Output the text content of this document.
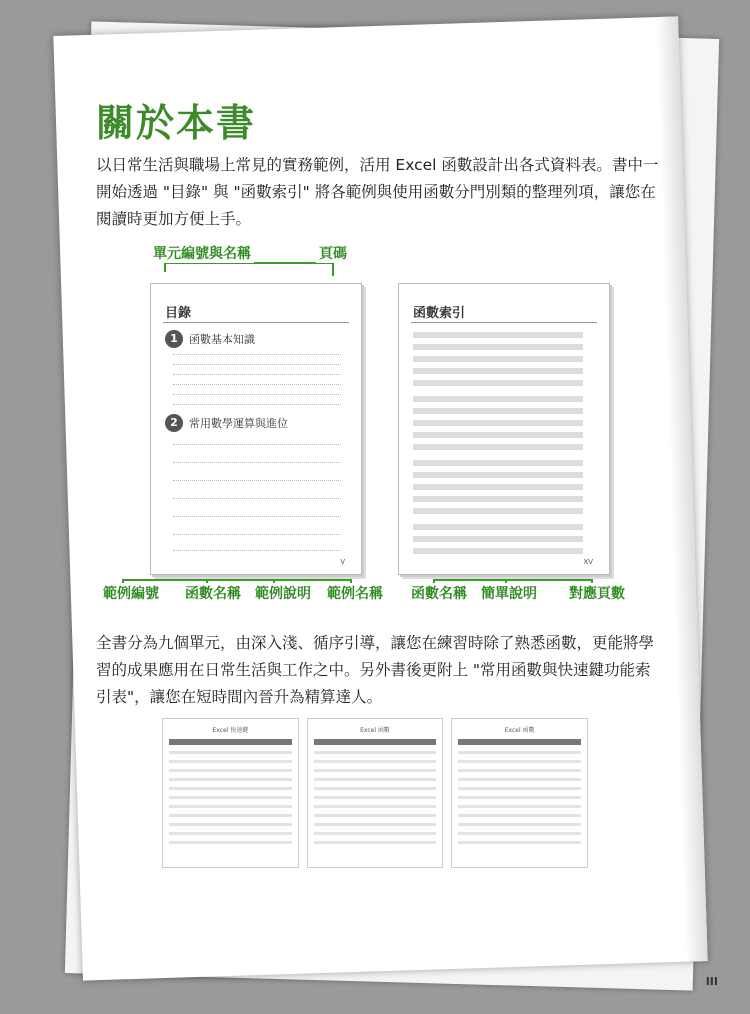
關於本書
以日常生活與職場上常見的實務範例，活用 Excel 函數設計出各式資料表。書中一開始透過 "目錄" 與 "函數索引" 將各範例與使用函數分門別類的整理列項，讓您在閱讀時更加方便上手。
單元編號與名稱	頁碼
目錄
1	函數基本知識
2	常用數學運算與進位
V
函數索引
XV
範例編號 函數名稱 範例說明 範例名稱 函數名稱 簡單說明 對應頁數
全書分為九個單元，由深入淺、循序引導，讓您在練習時除了熟悉函數，更能將學習的成果應用在日常生活與工作之中。另外書後更附上 "常用函數與快速鍵功能索引表"，讓您在短時間內晉升為精算達人。
Excel 快速鍵	Excel 函數	Excel 函數
III
